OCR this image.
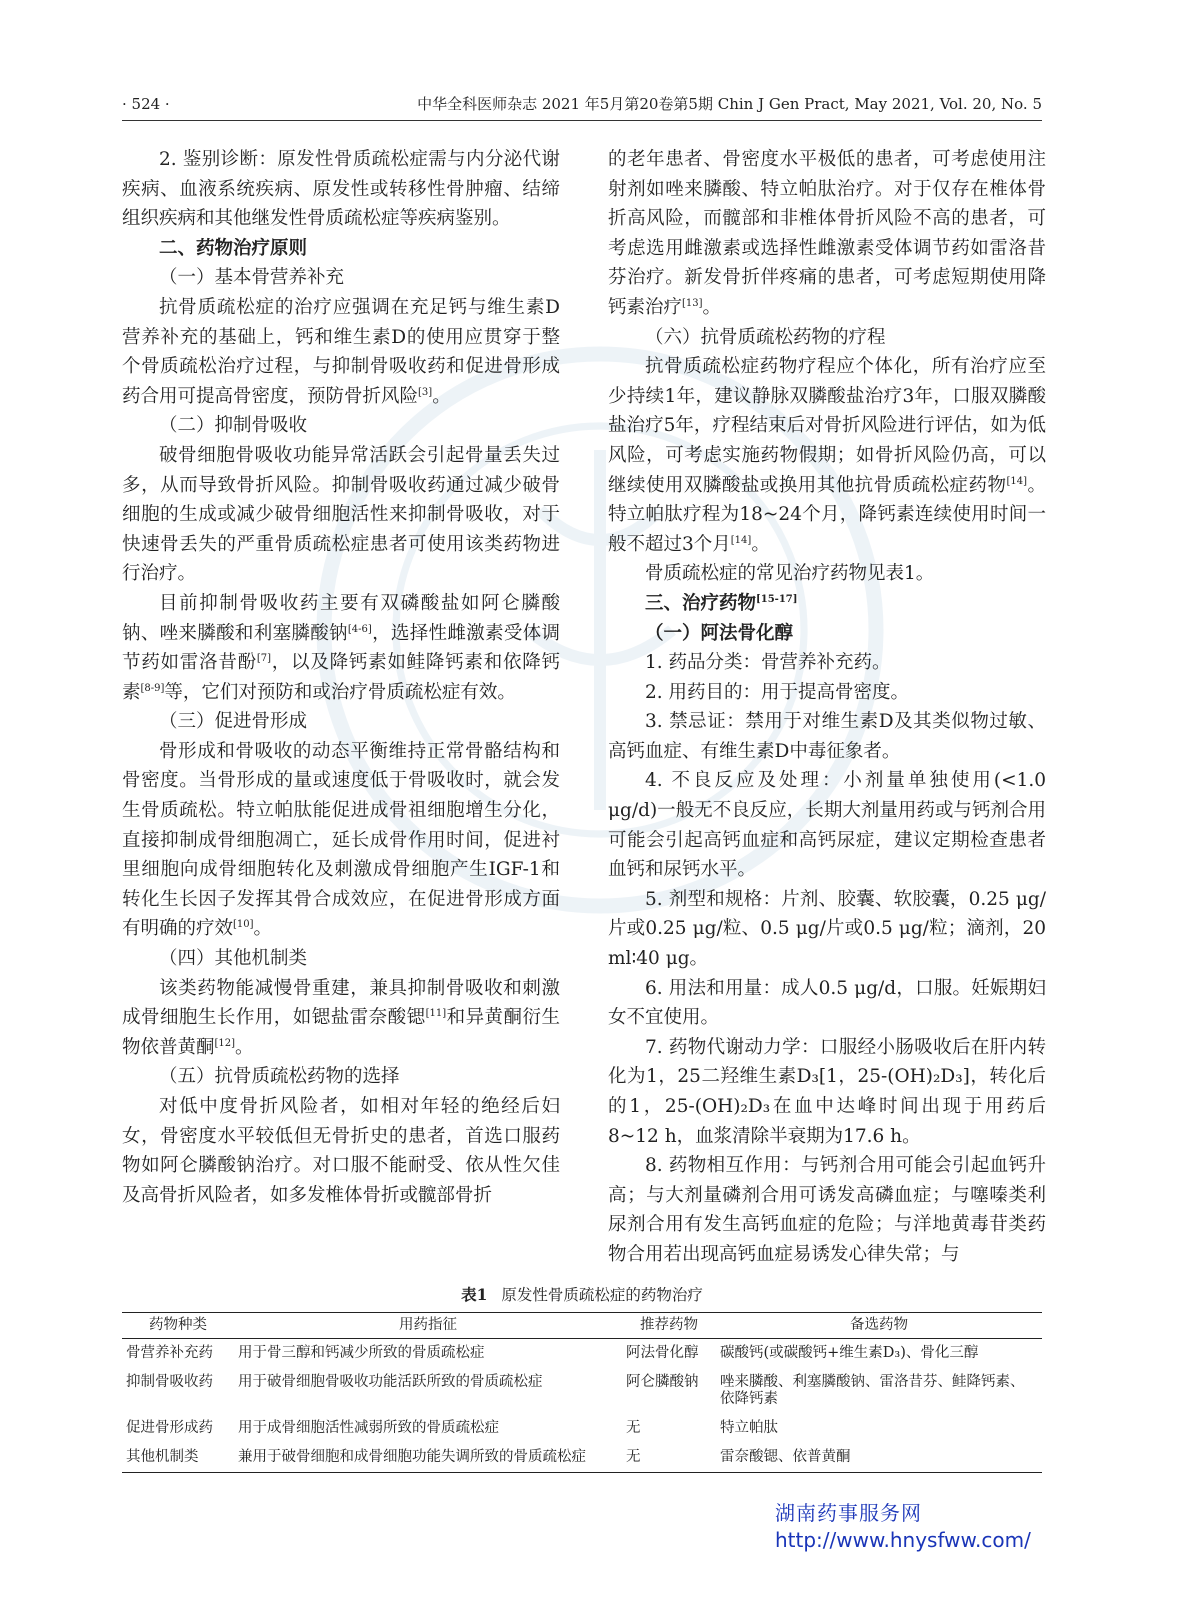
· 524 ·	中华全科医师杂志 2021 年5月第20卷第5期 Chin J Gen Pract, May 2021, Vol. 20, No. 5

2. 鉴别诊断：原发性骨质疏松症需与内分泌代谢疾病、血液系统疾病、原发性或转移性骨肿瘤、结缔组织疾病和其他继发性骨质疏松症等疾病鉴别。

二、药物治疗原则

（一）基本骨营养补充

抗骨质疏松症的治疗应强调在充足钙与维生素D营养补充的基础上，钙和维生素D的使用应贯穿于整个骨质疏松治疗过程，与抑制骨吸收药和促进骨形成药合用可提高骨密度，预防骨折风险[3]。

（二）抑制骨吸收

破骨细胞骨吸收功能异常活跃会引起骨量丢失过多，从而导致骨折风险。抑制骨吸收药通过减少破骨细胞的生成或减少破骨细胞活性来抑制骨吸收，对于快速骨丢失的严重骨质疏松症患者可使用该类药物进行治疗。

目前抑制骨吸收药主要有双磷酸盐如阿仑膦酸钠、唑来膦酸和利塞膦酸钠[4-6]，选择性雌激素受体调节药如雷洛昔酚[7]，以及降钙素如鲑降钙素和依降钙素[8-9]等，它们对预防和或治疗骨质疏松症有效。

（三）促进骨形成

骨形成和骨吸收的动态平衡维持正常骨骼结构和骨密度。当骨形成的量或速度低于骨吸收时，就会发生骨质疏松。特立帕肽能促进成骨祖细胞增生分化，直接抑制成骨细胞凋亡，延长成骨作用时间，促进衬里细胞向成骨细胞转化及刺激成骨细胞产生IGF-1和转化生长因子发挥其骨合成效应，在促进骨形成方面有明确的疗效[10]。

（四）其他机制类

该类药物能减慢骨重建，兼具抑制骨吸收和刺激成骨细胞生长作用，如锶盐雷奈酸锶[11]和异黄酮衍生物依普黄酮[12]。

（五）抗骨质疏松药物的选择

对低中度骨折风险者，如相对年轻的绝经后妇女，骨密度水平较低但无骨折史的患者，首选口服药物如阿仑膦酸钠治疗。对口服不能耐受、依从性欠佳及高骨折风险者，如多发椎体骨折或髋部骨折

的老年患者、骨密度水平极低的患者，可考虑使用注射剂如唑来膦酸、特立帕肽治疗。对于仅存在椎体骨折高风险，而髋部和非椎体骨折风险不高的患者，可考虑选用雌激素或选择性雌激素受体调节药如雷洛昔芬治疗。新发骨折伴疼痛的患者，可考虑短期使用降钙素治疗[13]。

（六）抗骨质疏松药物的疗程

抗骨质疏松症药物疗程应个体化，所有治疗应至少持续1年，建议静脉双膦酸盐治疗3年，口服双膦酸盐治疗5年，疗程结束后对骨折风险进行评估，如为低风险，可考虑实施药物假期；如骨折风险仍高，可以继续使用双膦酸盐或换用其他抗骨质疏松症药物[14]。特立帕肽疗程为18~24个月，降钙素连续使用时间一般不超过3个月[14]。

骨质疏松症的常见治疗药物见表1。

三、治疗药物[15-17]

（一）阿法骨化醇

1. 药品分类：骨营养补充药。

2. 用药目的：用于提高骨密度。

3. 禁忌证：禁用于对维生素D及其类似物过敏、高钙血症、有维生素D中毒征象者。

4. 不良反应及处理：小剂量单独使用(<1.0 μg/d)一般无不良反应，长期大剂量用药或与钙剂合用可能会引起高钙血症和高钙尿症，建议定期检查患者血钙和尿钙水平。

5. 剂型和规格：片剂、胶囊、软胶囊，0.25 μg/片或0.25 μg/粒、0.5 μg/片或0.5 μg/粒；滴剂，20 ml∶40 μg。

6. 用法和用量：成人0.5 μg/d，口服。妊娠期妇女不宜使用。

7. 药物代谢动力学：口服经小肠吸收后在肝内转化为1，25二羟维生素D₃[1，25-(OH)₂D₃]，转化后的1，25-(OH)₂D₃在血中达峰时间出现于用药后8~12 h，血浆清除半衰期为17.6 h。

8. 药物相互作用：与钙剂合用可能会引起血钙升高；与大剂量磷剂合用可诱发高磷血症；与噻嗪类利尿剂合用有发生高钙血症的危险；与洋地黄毒苷类药物合用若出现高钙血症易诱发心律失常；与

表1 原发性骨质疏松症的药物治疗
药物种类	用药指征	推荐药物	备选药物
骨营养补充药	用于骨三醇和钙减少所致的骨质疏松症	阿法骨化醇	碳酸钙(或碳酸钙+维生素D₃)、骨化三醇
抑制骨吸收药	用于破骨细胞骨吸收功能活跃所致的骨质疏松症	阿仑膦酸钠	唑来膦酸、利塞膦酸钠、雷洛昔芬、鲑降钙素、依降钙素
促进骨形成药	用于成骨细胞活性减弱所致的骨质疏松症	无	特立帕肽
其他机制类	兼用于破骨细胞和成骨细胞功能失调所致的骨质疏松症	无	雷奈酸锶、依普黄酮
湖南药事服务网
http://www.hnysfww.com/
